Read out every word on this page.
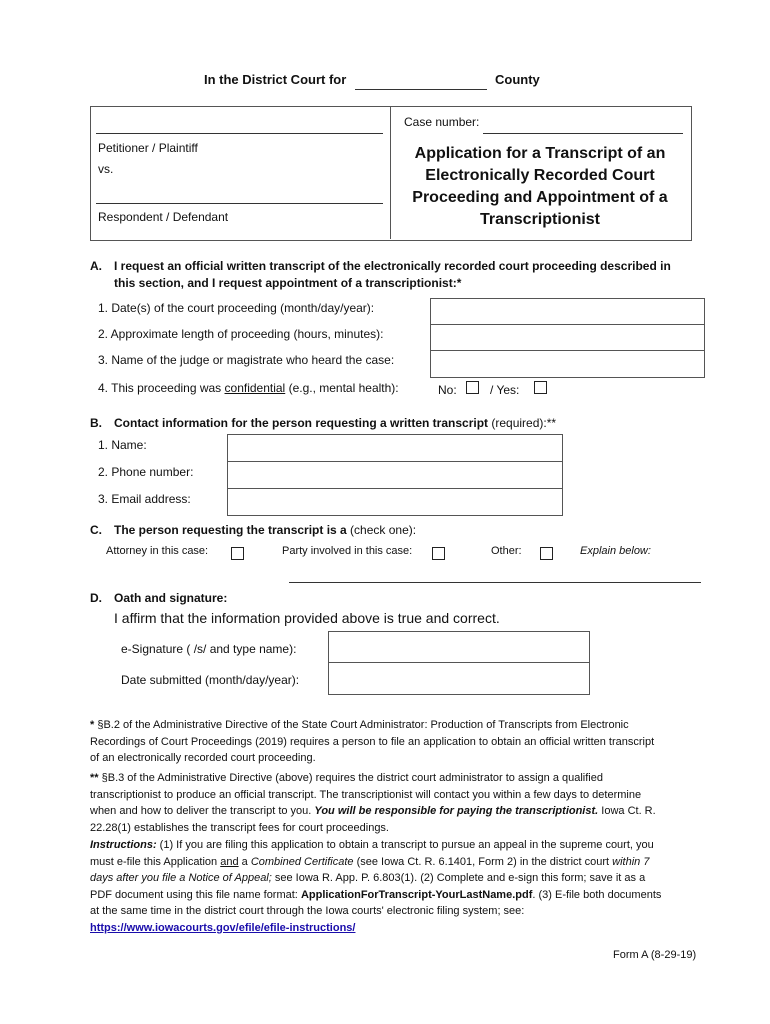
In the District Court for	County
Petitioner / Plaintiff
vs.
Respondent / Defendant
Case number:
Application for a Transcript of an
Electronically Recorded Court
Proceeding and Appointment of a
Transcriptionist
A. I request an official written transcript of the electronically recorded court proceeding described in
this section, and I request appointment of a transcriptionist:*
1. Date(s) of the court proceeding (month/day/year):
2. Approximate length of proceeding (hours, minutes):
3. Name of the judge or magistrate who heard the case:
4. This proceeding was confidential (e.g., mental health):	No:	/ Yes:
B. Contact information for the person requesting a written transcript (required):**
1. Name:
2. Phone number:
3. Email address:
C. The person requesting the transcript is a (check one):
Attorney in this case:	Party involved in this case:	Other:	Explain below:
D. Oath and signature:
I affirm that the information provided above is true and correct.
e-Signature ( /s/ and type name):
Date submitted (month/day/year):
* §B.2 of the Administrative Directive of the State Court Administrator: Production of Transcripts from Electronic
Recordings of Court Proceedings (2019) requires a person to file an application to obtain an official written transcript
of an electronically recorded court proceeding.
** §B.3 of the Administrative Directive (above) requires the district court administrator to assign a qualified
transcriptionist to produce an official transcript. The transcriptionist will contact you within a few days to determine
when and how to deliver the transcript to you. You will be responsible for paying the transcriptionist. Iowa Ct. R.
22.28(1) establishes the transcript fees for court proceedings.
Instructions: (1) If you are filing this application to obtain a transcript to pursue an appeal in the supreme court, you
must e-file this Application and a Combined Certificate (see Iowa Ct. R. 6.1401, Form 2) in the district court within 7
days after you file a Notice of Appeal; see Iowa R. App. P. 6.803(1). (2) Complete and e-sign this form; save it as a
PDF document using this file name format: ApplicationForTranscript-YourLastName.pdf. (3) E-file both documents
at the same time in the district court through the Iowa courts' electronic filing system; see:
https://www.iowacourts.gov/efile/efile-instructions/
Form A (8-29-19)
